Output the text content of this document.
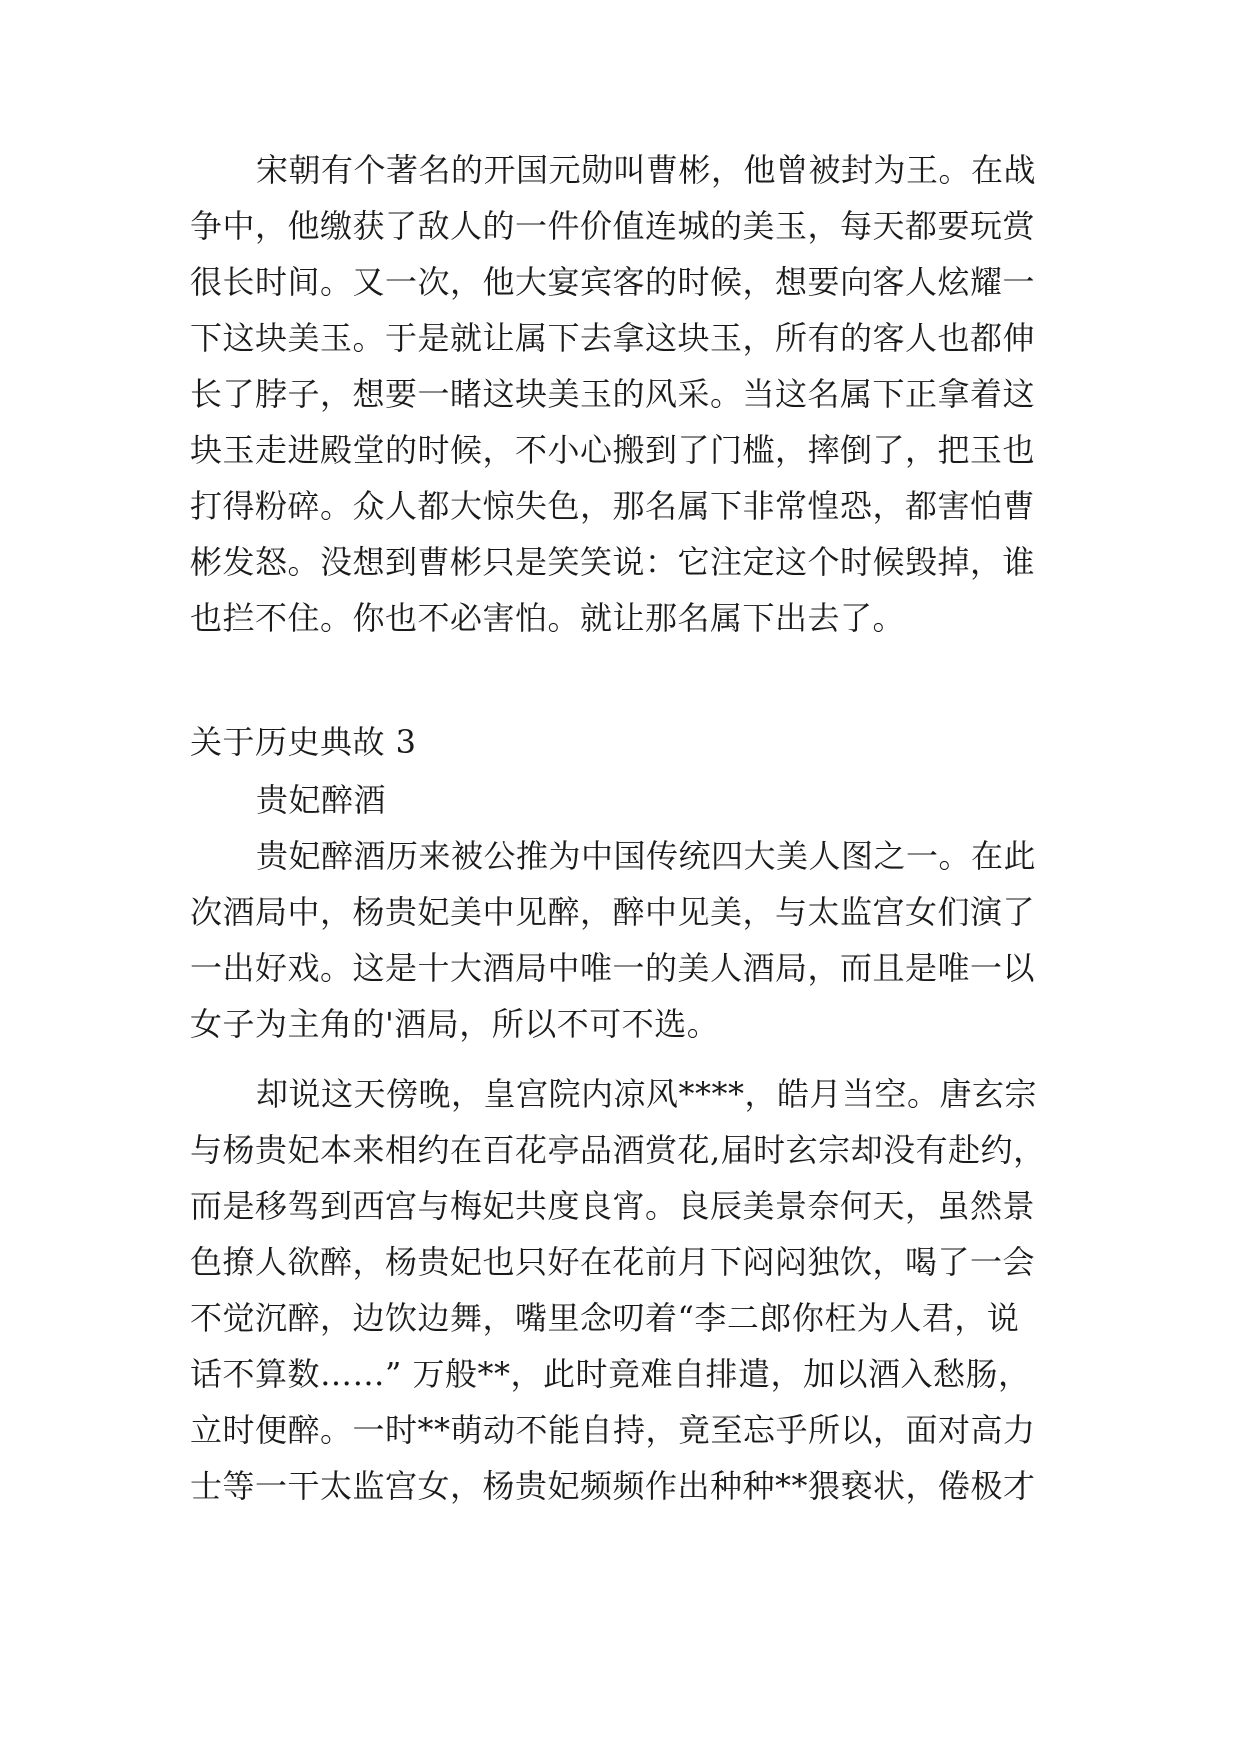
宋朝有个著名的开国元勋叫曹彬，他曾被封为王。在战
争中，他缴获了敌人的一件价值连城的美玉，每天都要玩赏
很长时间。又一次，他大宴宾客的时候，想要向客人炫耀一
下这块美玉。于是就让属下去拿这块玉，所有的客人也都伸
长了脖子，想要一睹这块美玉的风采。当这名属下正拿着这
块玉走进殿堂的时候，不小心搬到了门槛，摔倒了，把玉也
打得粉碎。众人都大惊失色，那名属下非常惶恐，都害怕曹
彬发怒。没想到曹彬只是笑笑说：它注定这个时候毁掉，谁
也拦不住。你也不必害怕。就让那名属下出去了。
关于历史典故 3
贵妃醉酒
贵妃醉酒历来被公推为中国传统四大美人图之一。在此
次酒局中，杨贵妃美中见醉，醉中见美，与太监宫女们演了
一出好戏。这是十大酒局中唯一的美人酒局，而且是唯一以
女子为主角的'酒局，所以不可不选。
却说这天傍晚，皇宫院内凉风****，皓月当空。唐玄宗
与杨贵妃本来相约在百花亭品酒赏花,届时玄宗却没有赴约，
而是移驾到西宫与梅妃共度良宵。良辰美景奈何天，虽然景
色撩人欲醉，杨贵妃也只好在花前月下闷闷独饮，喝了一会
不觉沉醉，边饮边舞，嘴里念叨着“李二郎你枉为人君，说
话不算数……” 万般**，此时竟难自排遣，加以酒入愁肠，
立时便醉。一时**萌动不能自持，竟至忘乎所以，面对高力
士等一干太监宫女，杨贵妃频频作出种种**猥亵状，倦极才
